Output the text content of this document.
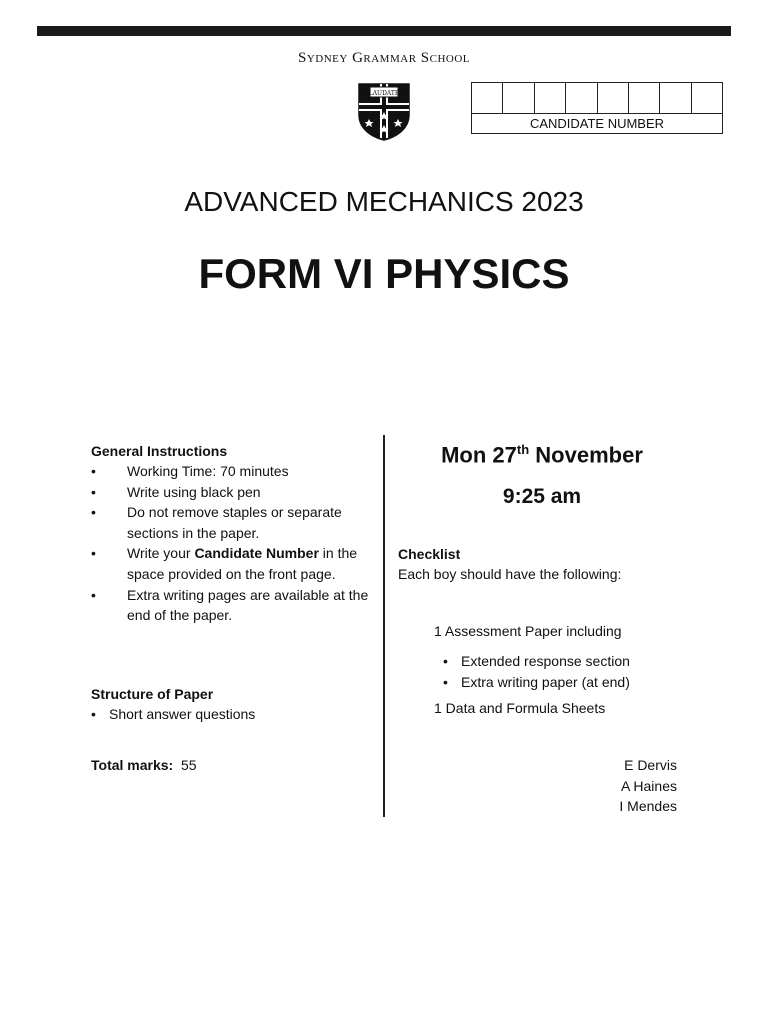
Sydney Grammar School
LAUDATE
CANDIDATE NUMBER
ADVANCED MECHANICS 2023
FORM VI PHYSICS
General Instructions
• Working Time: 70 minutes
• Write using black pen
• Do not remove staples or separate sections in the paper.
• Write your Candidate Number in the space provided on the front page.
• Extra writing pages are available at the end of the paper.
Structure of Paper
• Short answer questions
Total marks: 55
Mon 27th November
9:25 am
Checklist
Each boy should have the following:
1 Assessment Paper including
• Extended response section
• Extra writing paper (at end)
1 Data and Formula Sheets
E Dervis
A Haines
I Mendes
